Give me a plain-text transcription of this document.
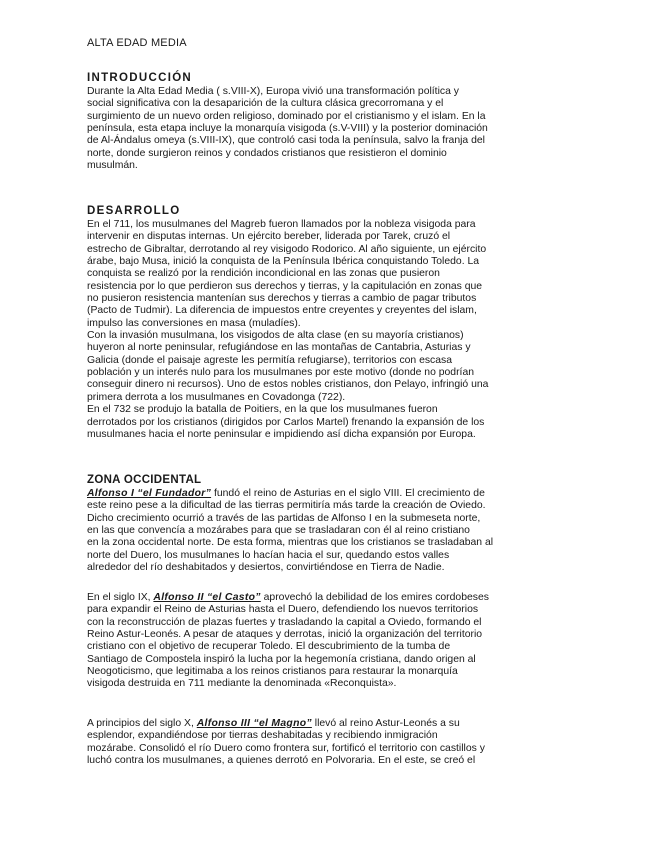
ALTA EDAD MEDIA
INTRODUCCIÓN

Durante la Alta Edad Media ( s.VIII-X), Europa vivió una transformación política y
social significativa con la desaparición de la cultura clásica grecorromana y el
surgimiento de un nuevo orden religioso, dominado por el cristianismo y el islam. En la
península, esta etapa incluye la monarquía visigoda (s.V-VIII) y la posterior dominación
de Al-Ándalus omeya (s.VIII-IX), que controló casi toda la península, salvo la franja del
norte, donde surgieron reinos y condados cristianos que resistieron el dominio
musulmán.

DESARROLLO

En el 711, los musulmanes del Magreb fueron llamados por la nobleza visigoda para
intervenir en disputas internas. Un ejército bereber, liderada por Tarek, cruzó el
estrecho de Gibraltar, derrotando al rey visigodo Rodorico. Al año siguiente, un ejército
árabe, bajo Musa, inició la conquista de la Península Ibérica conquistando Toledo. La
conquista se realizó por la rendición incondicional en las zonas que pusieron
resistencia por lo que perdieron sus derechos y tierras, y la capitulación en zonas que
no pusieron resistencia mantenían sus derechos y tierras a cambio de pagar tributos
(Pacto de Tudmir). La diferencia de impuestos entre creyentes y creyentes del islam,
impulso las conversiones en masa (muladíes).
Con la invasión musulmana, los visigodos de alta clase (en su mayoría cristianos)
huyeron al norte peninsular, refugiándose en las montañas de Cantabria, Asturias y
Galicia (donde el paisaje agreste les permitía refugiarse), territorios con escasa
población y un interés nulo para los musulmanes por este motivo (donde no podrían
conseguir dinero ni recursos). Uno de estos nobles cristianos, don Pelayo, infringió una
primera derrota a los musulmanes en Covadonga (722).
En el 732 se produjo la batalla de Poitiers, en la que los musulmanes fueron
derrotados por los cristianos (dirigidos por Carlos Martel) frenando la expansión de los
musulmanes hacia el norte peninsular e impidiendo así dicha expansión por Europa.

ZONA OCCIDENTAL

Alfonso I “el Fundador” fundó el reino de Asturias en el siglo VIII. El crecimiento de
este reino pese a la dificultad de las tierras permitiría más tarde la creación de Oviedo.
Dicho crecimiento ocurrió a través de las partidas de Alfonso I en la submeseta norte,
en las que convencía a mozárabes para que se trasladaran con él al reino cristiano
en la zona occidental norte. De esta forma, mientras que los cristianos se trasladaban al
norte del Duero, los musulmanes lo hacían hacia el sur, quedando estos valles
alrededor del río deshabitados y desiertos, convirtiéndose en Tierra de Nadie.

En el siglo IX, Alfonso II “el Casto” aprovechó la debilidad de los emires cordobeses
para expandir el Reino de Asturias hasta el Duero, defendiendo los nuevos territorios
con la reconstrucción de plazas fuertes y trasladando la capital a Oviedo, formando el
Reino Astur-Leonés. A pesar de ataques y derrotas, inició la organización del territorio
cristiano con el objetivo de recuperar Toledo. El descubrimiento de la tumba de
Santiago de Compostela inspiró la lucha por la hegemonía cristiana, dando origen al
Neogoticismo, que legitimaba a los reinos cristianos para restaurar la monarquía
visigoda destruida en 711 mediante la denominada «Reconquista».

A principios del siglo X, Alfonso III “el Magno” llevó al reino Astur-Leonés a su
esplendor, expandiéndose por tierras deshabitadas y recibiendo inmigración
mozárabe. Consolidó el río Duero como frontera sur, fortificó el territorio con castillos y
luchó contra los musulmanes, a quienes derrotó en Polvoraria. En el este, se creó el
